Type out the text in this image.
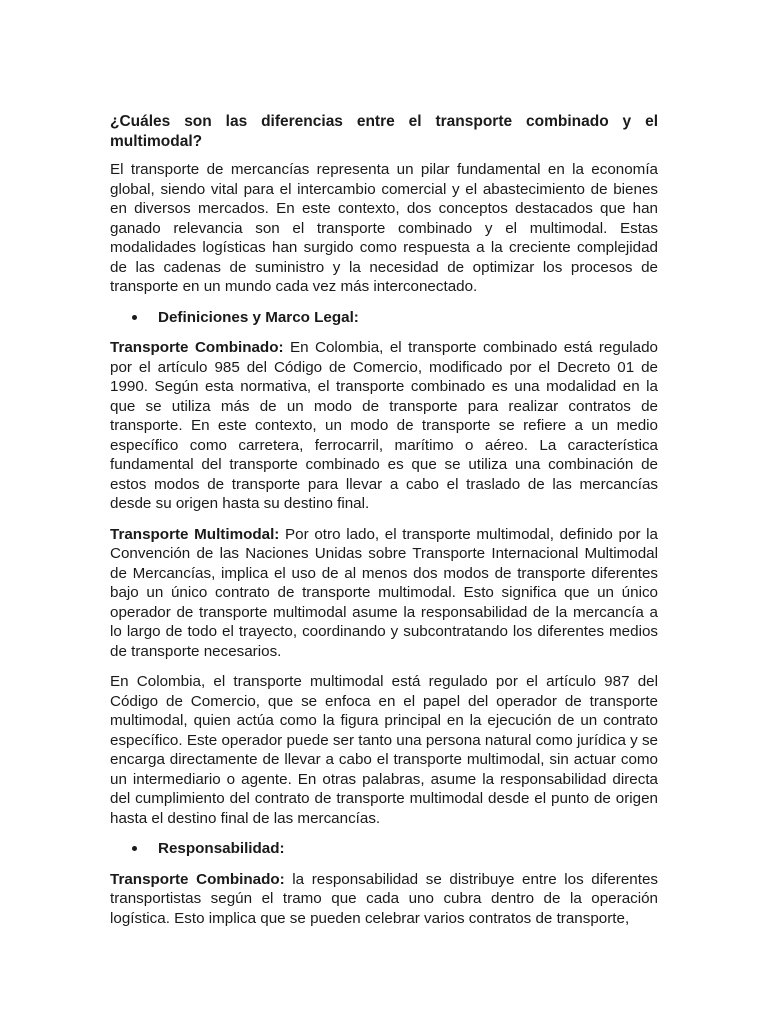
¿Cuáles son las diferencias entre el transporte combinado y el multimodal?

El transporte de mercancías representa un pilar fundamental en la economía global, siendo vital para el intercambio comercial y el abastecimiento de bienes en diversos mercados. En este contexto, dos conceptos destacados que han ganado relevancia son el transporte combinado y el multimodal. Estas modalidades logísticas han surgido como respuesta a la creciente complejidad de las cadenas de suministro y la necesidad de optimizar los procesos de transporte en un mundo cada vez más interconectado.

Definiciones y Marco Legal:

Transporte Combinado: En Colombia, el transporte combinado está regulado por el artículo 985 del Código de Comercio, modificado por el Decreto 01 de 1990. Según esta normativa, el transporte combinado es una modalidad en la que se utiliza más de un modo de transporte para realizar contratos de transporte. En este contexto, un modo de transporte se refiere a un medio específico como carretera, ferrocarril, marítimo o aéreo. La característica fundamental del transporte combinado es que se utiliza una combinación de estos modos de transporte para llevar a cabo el traslado de las mercancías desde su origen hasta su destino final.

Transporte Multimodal: Por otro lado, el transporte multimodal, definido por la Convención de las Naciones Unidas sobre Transporte Internacional Multimodal de Mercancías, implica el uso de al menos dos modos de transporte diferentes bajo un único contrato de transporte multimodal. Esto significa que un único operador de transporte multimodal asume la responsabilidad de la mercancía a lo largo de todo el trayecto, coordinando y subcontratando los diferentes medios de transporte necesarios.

En Colombia, el transporte multimodal está regulado por el artículo 987 del Código de Comercio, que se enfoca en el papel del operador de transporte multimodal, quien actúa como la figura principal en la ejecución de un contrato específico. Este operador puede ser tanto una persona natural como jurídica y se encarga directamente de llevar a cabo el transporte multimodal, sin actuar como un intermediario o agente. En otras palabras, asume la responsabilidad directa del cumplimiento del contrato de transporte multimodal desde el punto de origen hasta el destino final de las mercancías.

Responsabilidad:

Transporte Combinado: la responsabilidad se distribuye entre los diferentes transportistas según el tramo que cada uno cubra dentro de la operación logística. Esto implica que se pueden celebrar varios contratos de transporte,
